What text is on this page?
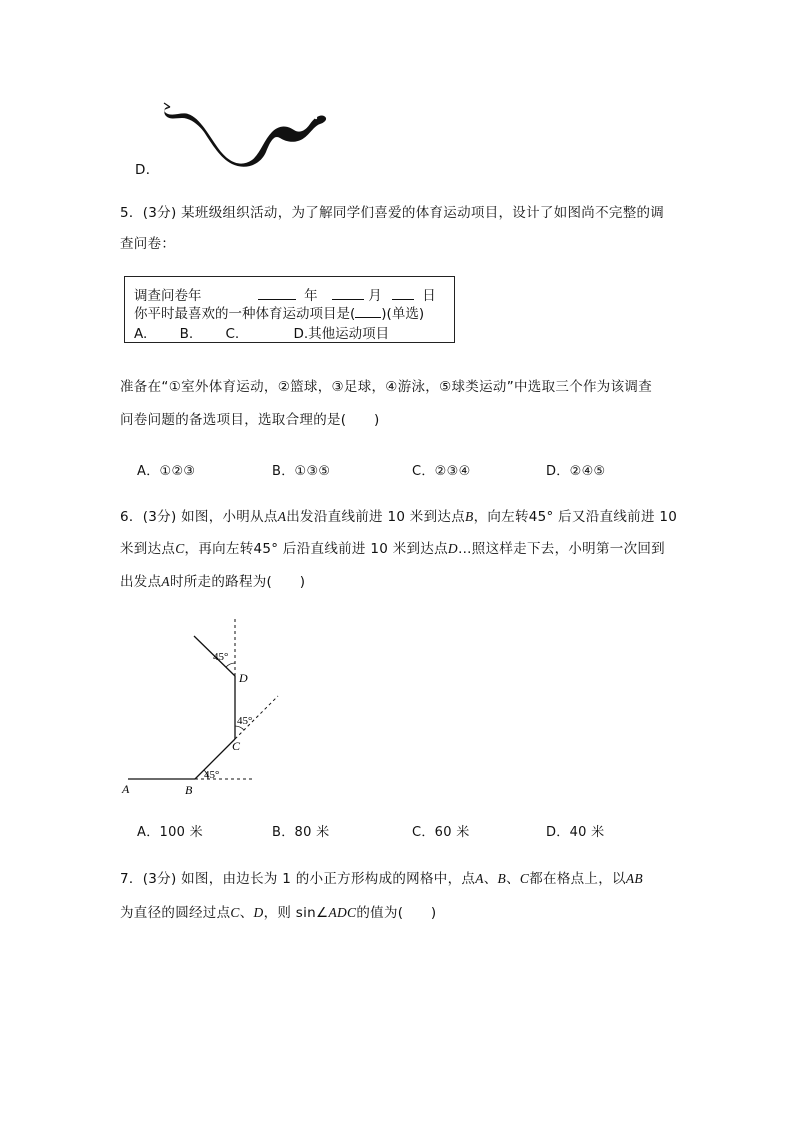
D．
5．(3分) 某班级组织活动，为了解同学们喜爱的体育运动项目，设计了如图尚不完整的调
查问卷：
调查问卷年	年	月	日
你平时最喜欢的一种体育运动项目是( )(单选)
A. B. C.	D.其他运动项目
准备在“①室外体育运动，②篮球，③足球，④游泳，⑤球类运动”中选取三个作为该调查
问卷问题的备选项目，选取合理的是(　　)
A．①②③	B．①③⑤	C．②③④	D．②④⑤
6．(3分) 如图，小明从点A出发沿直线前进 10 米到达点B，向左转45° 后又沿直线前进 10
米到达点C，再向左转45° 后沿直线前进 10 米到达点D…照这样走下去，小明第一次回到
出发点A时所走的路程为(　　)
45°
45°
45°
A	B
C
D
A．100 米	B．80 米	C．60 米	D．40 米
7．(3分) 如图，由边长为 1 的小正方形构成的网格中，点A、B、C都在格点上，以AB
为直径的圆经过点C、D，则 sin∠ADC的值为(　　)
